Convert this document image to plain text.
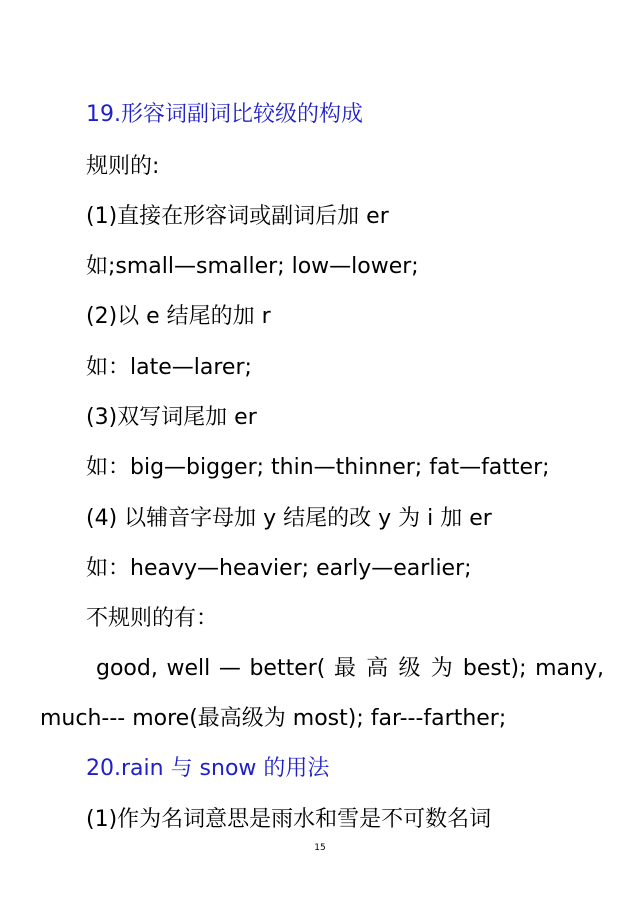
19.形容词副词比较级的构成
规则的:
(1)直接在形容词或副词后加 er
如;small—smaller; low—lower;
(2)以 e 结尾的加 r
如：late—larer;
(3)双写词尾加 er
如：big—bigger; thin—thinner; fat—fatter;
(4) 以辅音字母加 y 结尾的改 y 为 i 加 er
如：heavy—heavier; early—earlier;
不规则的有：
good, well — better( 最 高 级 为 best); many,
much--- more(最高级为 most); far---farther;
20.rain 与 snow 的用法
(1)作为名词意思是雨水和雪是不可数名词
15
